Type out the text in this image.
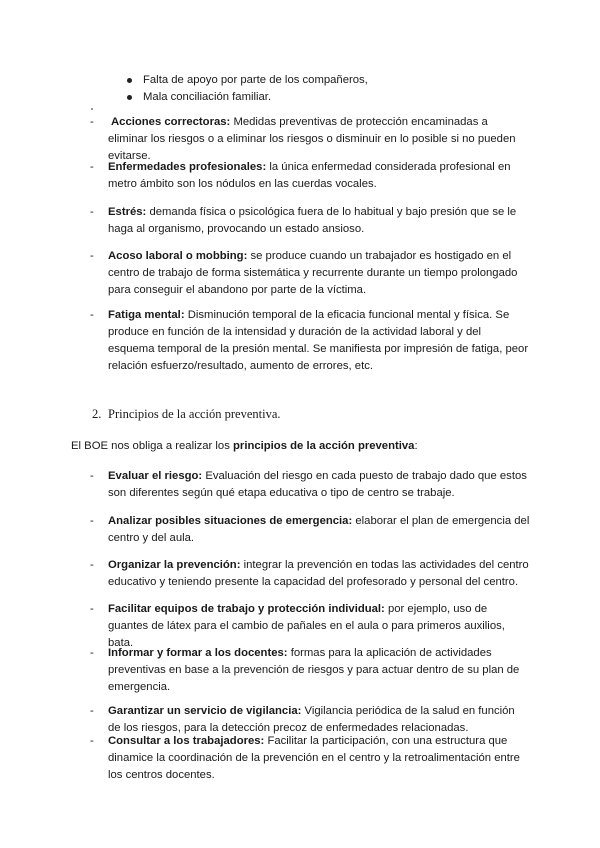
Falta de apoyo por parte de los compañeros,
Mala conciliación familiar.
- Acciones correctoras: Medidas preventivas de protección encaminadas a eliminar los riesgos o a eliminar los riesgos o disminuir en lo posible si no pueden evitarse.
- Enfermedades profesionales: la única enfermedad considerada profesional en metro ámbito son los nódulos en las cuerdas vocales.
- Estrés: demanda física o psicológica fuera de lo habitual y bajo presión que se le haga al organismo, provocando un estado ansioso.
- Acoso laboral o mobbing: se produce cuando un trabajador es hostigado en el centro de trabajo de forma sistemática y recurrente durante un tiempo prolongado para conseguir el abandono por parte de la víctima.
- Fatiga mental: Disminución temporal de la eficacia funcional mental y física. Se produce en función de la intensidad y duración de la actividad laboral y del esquema temporal de la presión mental. Se manifiesta por impresión de fatiga, peor relación esfuerzo/resultado, aumento de errores, etc.
2. Principios de la acción preventiva.
El BOE nos obliga a realizar los principios de la acción preventiva:
- Evaluar el riesgo: Evaluación del riesgo en cada puesto de trabajo dado que estos son diferentes según qué etapa educativa o tipo de centro se trabaje.
- Analizar posibles situaciones de emergencia: elaborar el plan de emergencia del centro y del aula.
- Organizar la prevención: integrar la prevención en todas las actividades del centro educativo y teniendo presente la capacidad del profesorado y personal del centro.
- Facilitar equipos de trabajo y protección individual: por ejemplo, uso de guantes de látex para el cambio de pañales en el aula o para primeros auxilios, bata.
- Informar y formar a los docentes: formas para la aplicación de actividades preventivas en base a la prevención de riesgos y para actuar dentro de su plan de emergencia.
- Garantizar un servicio de vigilancia: Vigilancia periódica de la salud en función de los riesgos, para la detección precoz de enfermedades relacionadas.
- Consultar a los trabajadores: Facilitar la participación, con una estructura que dinamice la coordinación de la prevención en el centro y la retroalimentación entre los centros docentes.
